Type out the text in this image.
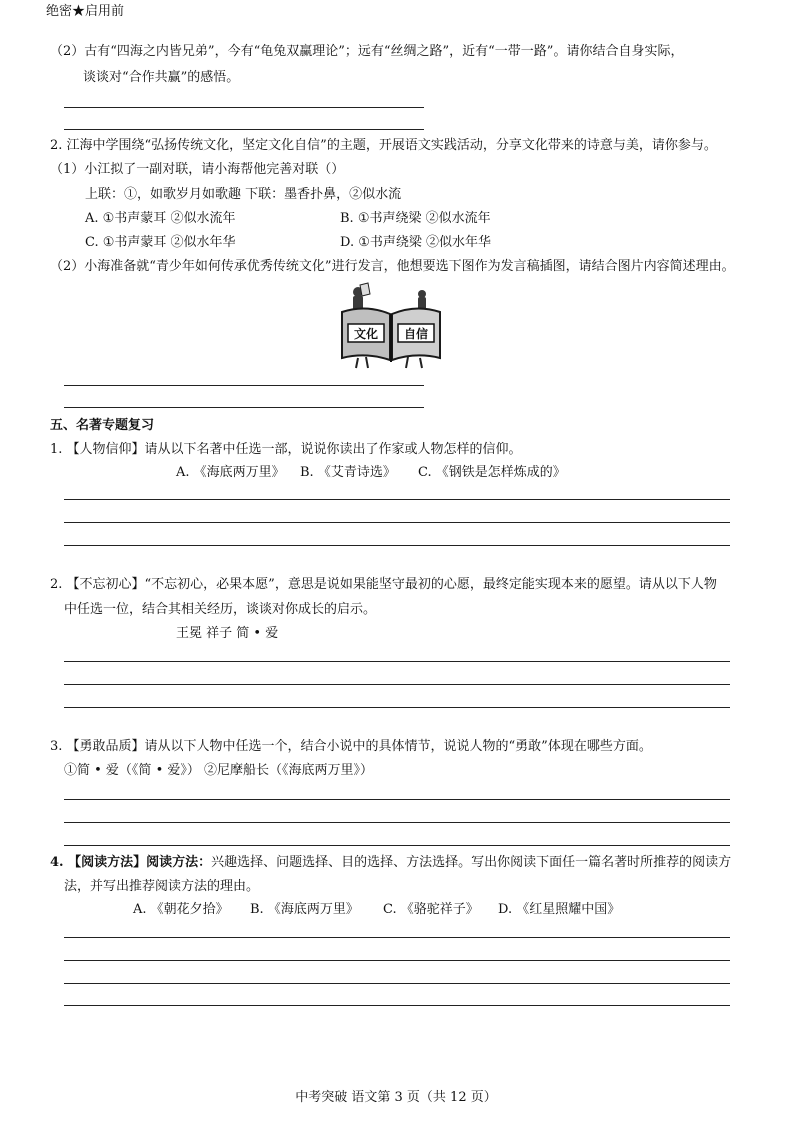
绝密★启用前
（2）古有“四海之内皆兄弟”，今有“龟兔双赢理论”；远有“丝绸之路”，近有“一带一路”。请你结合自身实际，
谈谈对“合作共赢”的感悟。
2. 江海中学围绕“弘扬传统文化，坚定文化自信”的主题，开展语文实践活动，分享文化带来的诗意与美，请你参与。
（1）小江拟了一副对联，请小海帮他完善对联（）
上联：①，如歌岁月如歌趣 下联：墨香扑鼻，②似水流
A. ①书声蒙耳 ②似水流年	B. ①书声绕梁 ②似水流年
C. ①书声蒙耳 ②似水年华	D. ①书声绕梁 ②似水年华
（2）小海准备就“青少年如何传承优秀传统文化”进行发言，他想要选下图作为发言稿插图，请结合图片内容简述理由。
文化 自信
五、名著专题复习
1. 【人物信仰】请从以下名著中任选一部，说说你读出了作家或人物怎样的信仰。
A. 《海底两万里》 B. 《艾青诗选》 C. 《钢铁是怎样炼成的》
2. 【不忘初心】“不忘初心，必果本愿”，意思是说如果能坚守最初的心愿，最终定能实现本来的愿望。请从以下人物
中任选一位，结合其相关经历，谈谈对你成长的启示。
王冕 祥子 简 • 爱
3. 【勇敢品质】请从以下人物中任选一个，结合小说中的具体情节，说说人物的“勇敢”体现在哪些方面。
①简 • 爱（《简 • 爱》） ②尼摩船长（《海底两万里》）
4. 【阅读方法】阅读方法：兴趣选择、问题选择、目的选择、方法选择。写出你阅读下面任一篇名著时所推荐的阅读方
法，并写出推荐阅读方法的理由。
A. 《朝花夕拾》 B. 《海底两万里》 C. 《骆驼祥子》 D. 《红星照耀中国》
中考突破 语文第 3 页（共 12 页）
